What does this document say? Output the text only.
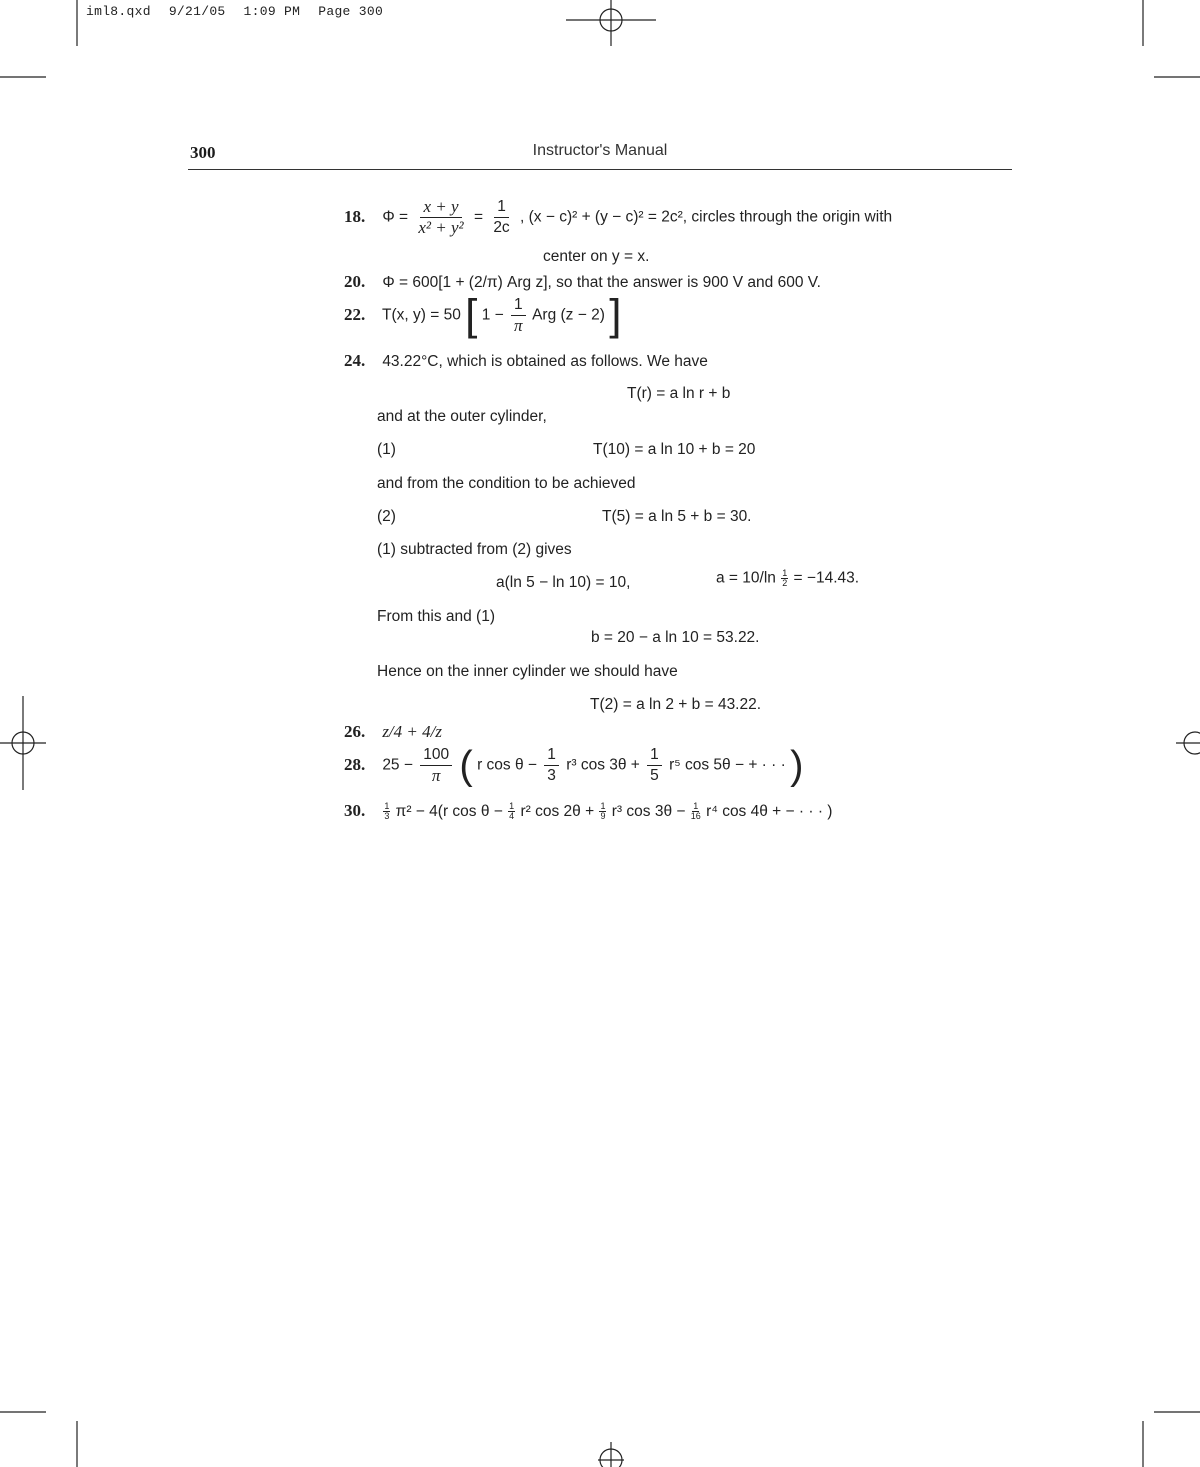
iml8.qxd 9/21/05 1:09 PM Page 300
300	Instructor's Manual
18. $\Phi = \frac{x + y}{\text{x² + y²}} = \frac{1}{2c}$ , (x − c)² + (y − c)² = 2c², circles through the origin with
center on y = x.
20. Φ = 600[1 + (2/π) Arg z], so that the answer is 900 V and 600 V.
22. T(x, y) = 50 [ $1 - \frac{1}{\pi}$ Arg (z − 2) ]
24. 43.22°C, which is obtained as follows. We have
T(r) = a ln r + b
and at the outer cylinder,
(1)	T(10) = a ln 10 + b = 20
and from the condition to be achieved
(2)	T(5) = a ln 5 + b = 30.
(1) subtracted from (2) gives
a(ln 5 − ln 10) = 10,	$a = 10/\ln \frac{1}{2} = -14.43$.
From this and (1)
b = 20 − a ln 10 = 53.22.
Hence on the inner cylinder we should have
T(2) = a ln 2 + b = 43.22.
26. z/4 + 4/z
28. $25 - \frac{100}{\pi}$ ( r $\cos \theta - \frac{1}{3} r^3$ $\cos 3\theta + \frac{1}{5} r^5$ cos 5θ − + · · · )
30. $\frac{1}{3} \pi^2 - 4(r$ $\cos \theta - \frac{1}{4} r^2$ $\cos 2\theta + \frac{1}{9} r^3$ $\cos 3\theta - \frac{1}{16} r^4$ cos 4θ + − · · · )
